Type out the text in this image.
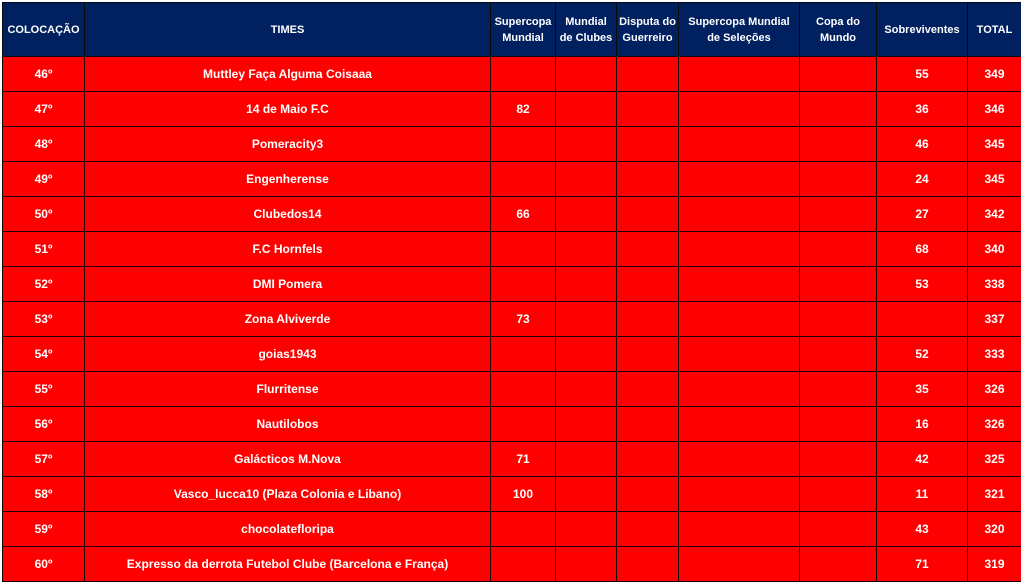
COLOCAÇÃO	TIMES	Supercopa Mundial	Mundial de Clubes	Disputa do Guerreiro	Supercopa Mundial de Seleções	Copa do Mundo	Sobreviventes	TOTAL
46º	Muttley Faça Alguma Coisaaa						55	349
47º	14 de Maio F.C	82					36	346
48º	Pomeracity3						46	345
49º	Engenherense						24	345
50º	Clubedos14	66					27	342
51º	F.C Hornfels						68	340
52º	DMI Pomera						53	338
53º	Zona Alviverde	73						337
54º	goias1943						52	333
55º	Flurritense						35	326
56º	Nautilobos						16	326
57º	Galácticos M.Nova	71					42	325
58º	Vasco_lucca10 (Plaza Colonia e Libano)	100					11	321
59º	chocolatefloripa						43	320
60º	Expresso da derrota Futebol Clube (Barcelona e França)						71	319
